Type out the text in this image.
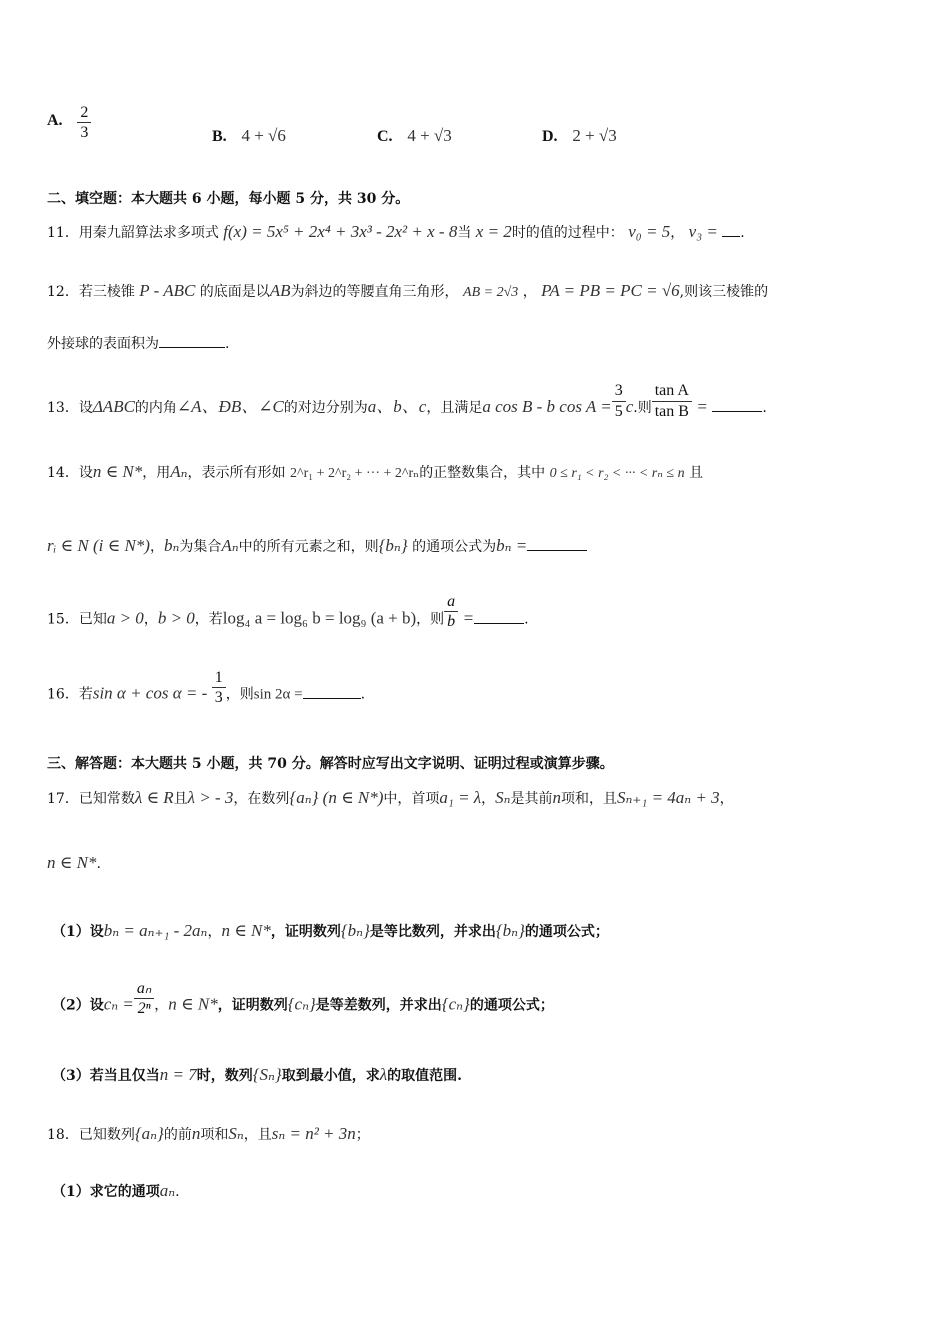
A. $\frac{2}{3}$	B. 4 + √6	C. 4 + √3	D. 2 + √3
二、填空题：本大题共 6 小题，每小题 5 分，共 30 分。
11．用秦九韶算法求多项式 f(x) = 5x⁵ + 2x⁴ + 3x³ - 2x² + x - 8当 x = 2时的值的过程中： v₀ = 5， v₃ = .
12．若三棱锥 P - ABC 的底面是以AB为斜边的等腰直角三角形， AB = 2√3 ， PA = PB = PC = √6,则该三棱锥的
外接球的表面积为	.
13．设ΔABC的内角∠A、ÐB、∠C的对边分别为a、b、c，且满足a cos B - b $\cos A = \frac{3}{5} c$.则 $\frac{\text{tan A}}{\text{tan B}}$ =	.
14．设n ∈ N*，用Aₙ，表示所有形如 2^r₁ + 2^r₂ + ··· + 2^rₙ的正整数集合，其中 0 ≤ r₁ < r₂ < ··· < rₙ ≤ n 且
rᵢ ∈ N (i ∈ N*)，bₙ为集合Aₙ中的所有元素之和，则{bₙ} 的通项公式为bₙ =
15．已知a > 0，b > 0，若log₄ a = log₆ b = log₉ (a + b)，则 $\frac{a}{b}$ =	.
16．若sin α + cos α = - $\frac{1}{3}$ ，则sin 2α =	.
三、解答题：本大题共 5 小题，共 70 分。解答时应写出文字说明、证明过程或演算步骤。
17．已知常数λ ∈ R且λ > - 3，在数列{aₙ} (n ∈ N*)中，首项a₁ = λ，Sₙ是其前n项和，且Sₙ₊₁ = 4aₙ + 3，
n ∈ N*.
（1）设bₙ = aₙ₊₁ - 2aₙ，n ∈ N*，证明数列{bₙ}是等比数列，并求出{bₙ}的通项公式；
（2）设$c_n = \frac{\text{aₙ}}{\text{2ⁿ}}$ ，n ∈ N*，证明数列{cₙ}是等差数列，并求出{cₙ}的通项公式；
（3）若当且仅当n = 7时，数列{Sₙ}取到最小值，求λ的取值范围.
18．已知数列{aₙ}的前n项和Sₙ，且sₙ = n² + 3n；
（1）求它的通项aₙ.
